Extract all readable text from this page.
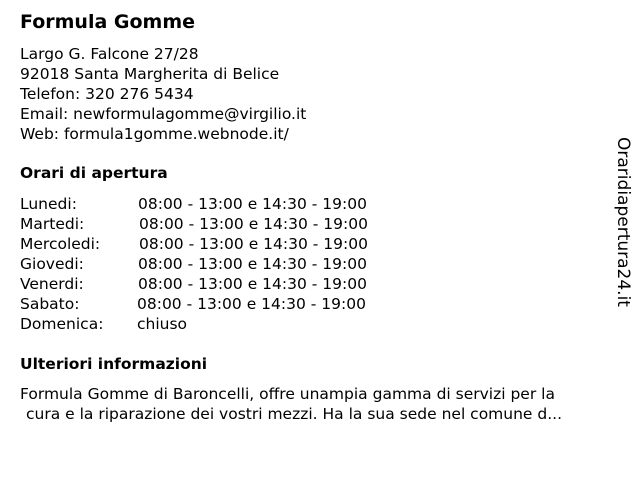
Formula Gomme
Largo G. Falcone 27/28
92018 Santa Margherita di Belice
Telefon: 320 276 5434
Email: newformulagomme@virgilio.it
Web: formula1gomme.webnode.it/
Orari di apertura
Lunedi:	08:00 - 13:00 e 14:30 - 19:00
Martedi:	08:00 - 13:00 e 14:30 - 19:00
Mercoledi:	08:00 - 13:00 e 14:30 - 19:00
Giovedi:	08:00 - 13:00 e 14:30 - 19:00
Venerdi:	08:00 - 13:00 e 14:30 - 19:00
Sabato:	08:00 - 13:00 e 14:30 - 19:00
Domenica: chiuso
Ulteriori informazioni
Formula Gomme di Baroncelli, offre unampia gamma di servizi per la
cura e la riparazione dei vostri mezzi. Ha la sua sede nel comune d...
Oraridiapertura24.it
